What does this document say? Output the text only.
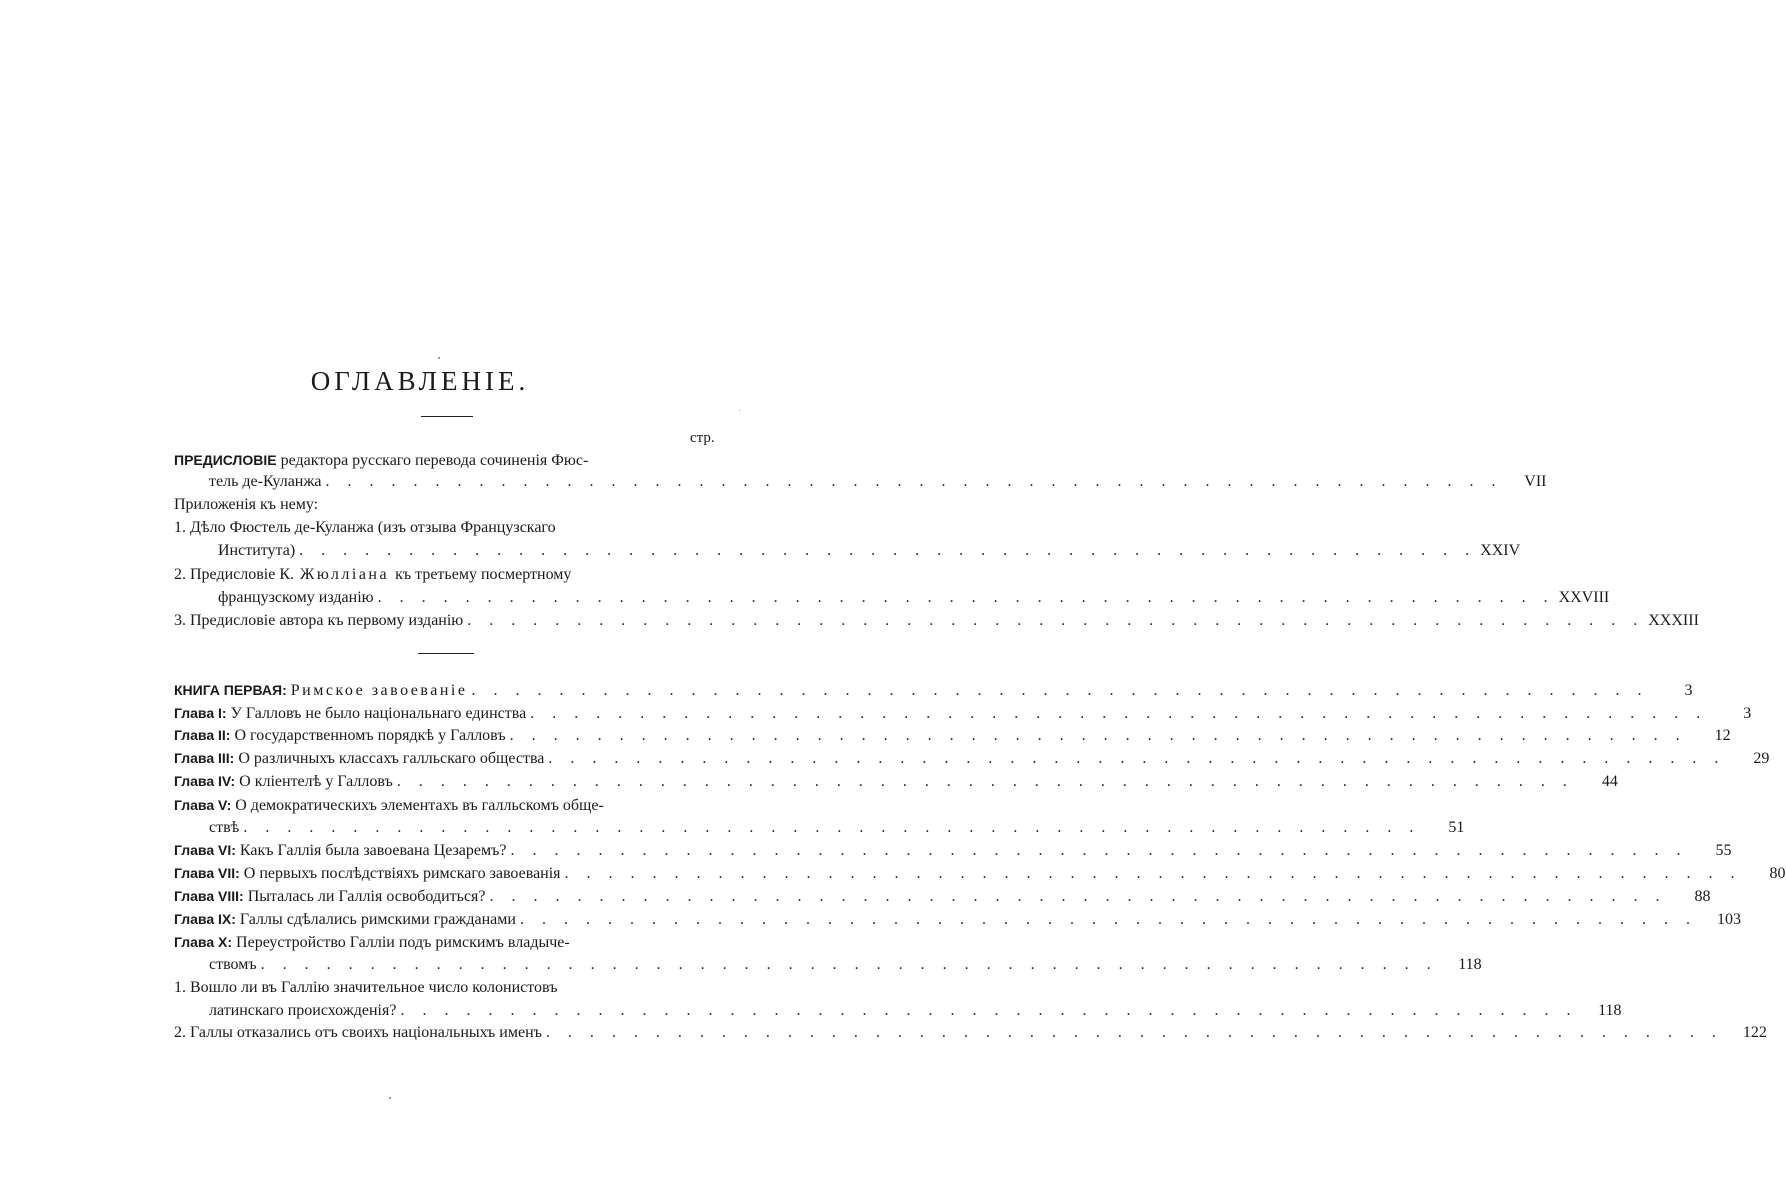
ОГЛАВЛЕНІЕ.
стр.
ПРЕДИСЛОВІЕ редактора русскаго перевода сочиненія Фюс-
тель де-Куланжа . . . . . . . . . . . . . . . . . . . . . . . . . . . . . . . . . . . . . . . . . . . . . . . . . . . . . .	VII
Приложенія къ нему:
1. Дѣло Фюстель де-Куланжа (изъ отзыва Французскаго
Института) . . . . . . . . . . . . . . . . . . . . . . . . . . . . . . . . . . . . . . . . . . . . . . . . . . . . . . XXIV
2. Предисловіе К. Жюлліана къ третьему посмертному
французскому изданію . . . . . . . . . . . . . . . . . . . . . . . . . . . . . . . . . . . . . . . . . . . . . . . . . . . . . . XXVIII
3. Предисловіе автора къ первому изданію . . . . . . . . . . . . . . . . . . . . . . . . . . . . . . . . . . . . . . . . . . . . . . . . . . . . . . XXXIII
КНИГА ПЕРВАЯ: Римское завоеваніе . . . . . . . . . . . . . . . . . . . . . . . . . . . . . . . . . . . . . . . . . . . . . . . . . . . . . .	3
Глава I: У Галловъ не было національнаго единства . . . . . . . . . . . . . . . . . . . . . . . . . . . . . . . . . . . . . . . . . . . . . . . . . . . . . .	3
Глава II: О государственномъ порядкѣ у Галловъ . . . . . . . . . . . . . . . . . . . . . . . . . . . . . . . . . . . . . . . . . . . . . . . . . . . . . .	12
Глава III: О различныхъ классахъ галльскаго общества . . . . . . . . . . . . . . . . . . . . . . . . . . . . . . . . . . . . . . . . . . . . . . . . . . . . . .	29
Глава IV: О кліентелѣ у Галловъ . . . . . . . . . . . . . . . . . . . . . . . . . . . . . . . . . . . . . . . . . . . . . . . . . . . . . .	44
Глава V: О демократическихъ элементахъ въ галльскомъ обще-
ствѣ . . . . . . . . . . . . . . . . . . . . . . . . . . . . . . . . . . . . . . . . . . . . . . . . . . . . . .	51
Глава VI: Какъ Галлія была завоевана Цезаремъ? . . . . . . . . . . . . . . . . . . . . . . . . . . . . . . . . . . . . . . . . . . . . . . . . . . . . . .	55
Глава VII: О первыхъ послѣдствіяхъ римскаго завоеванія . . . . . . . . . . . . . . . . . . . . . . . . . . . . . . . . . . . . . . . . . . . . . . . . . . . . . .	80
Глава VIII: Пыталась ли Галлія освободиться? . . . . . . . . . . . . . . . . . . . . . . . . . . . . . . . . . . . . . . . . . . . . . . . . . . . . . .	88
Глава IX: Галлы сдѣлались римскими гражданами . . . . . . . . . . . . . . . . . . . . . . . . . . . . . . . . . . . . . . . . . . . . . . . . . . . . . .	103
Глава X: Переустройство Галліи подъ римскимъ владыче-
ствомъ . . . . . . . . . . . . . . . . . . . . . . . . . . . . . . . . . . . . . . . . . . . . . . . . . . . . . .	118
1. Вошло ли въ Галлію значительное число колонистовъ
латинскаго происхожденія? . . . . . . . . . . . . . . . . . . . . . . . . . . . . . . . . . . . . . . . . . . . . . . . . . . . . . .	118
2. Галлы отказались отъ своихъ національныхъ именъ . . . . . . . . . . . . . . . . . . . . . . . . . . . . . . . . . . . . . . . . . . . . . . . . . . . . . .	122
